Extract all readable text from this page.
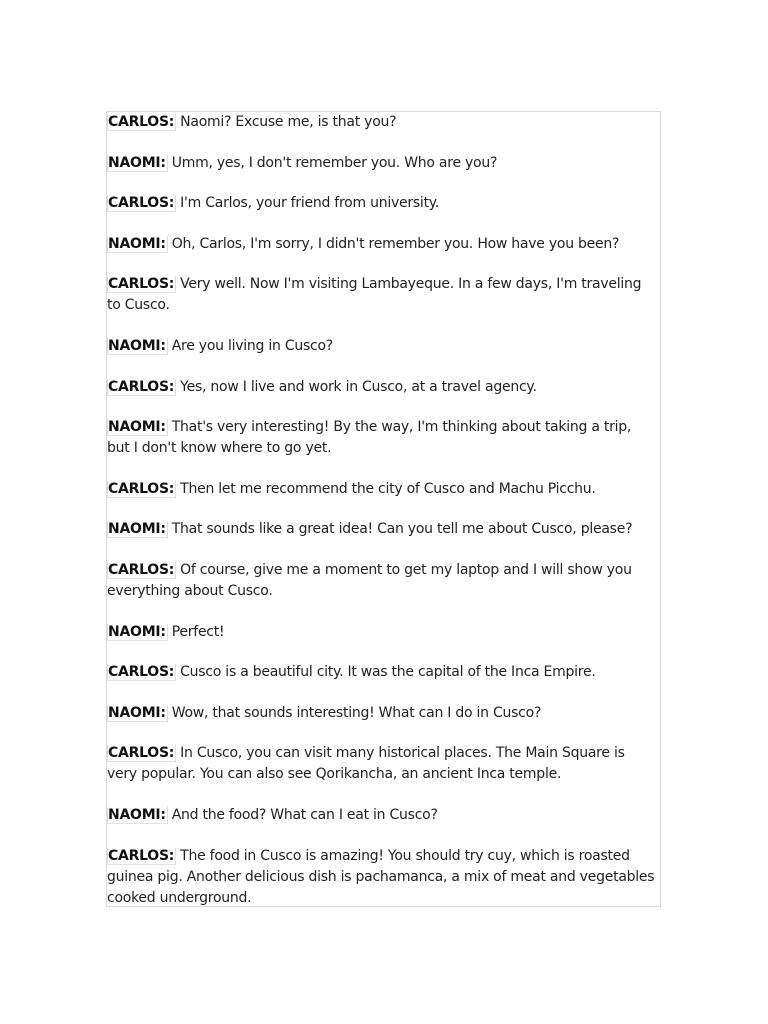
CARLOS: Naomi? Excuse me, is that you?

NAOMI: Umm, yes, I don't remember you. Who are you?

CARLOS: I'm Carlos, your friend from university.

NAOMI: Oh, Carlos, I'm sorry, I didn't remember you. How have you been?

CARLOS: Very well. Now I'm visiting Lambayeque. In a few days, I'm traveling to Cusco.

NAOMI: Are you living in Cusco?

CARLOS: Yes, now I live and work in Cusco, at a travel agency.

NAOMI: That's very interesting! By the way, I'm thinking about taking a trip, but I don't know where to go yet.

CARLOS: Then let me recommend the city of Cusco and Machu Picchu.

NAOMI: That sounds like a great idea! Can you tell me about Cusco, please?

CARLOS: Of course, give me a moment to get my laptop and I will show you everything about Cusco.

NAOMI: Perfect!

CARLOS: Cusco is a beautiful city. It was the capital of the Inca Empire.

NAOMI: Wow, that sounds interesting! What can I do in Cusco?

CARLOS: In Cusco, you can visit many historical places. The Main Square is very popular. You can also see Qorikancha, an ancient Inca temple.

NAOMI: And the food? What can I eat in Cusco?

CARLOS: The food in Cusco is amazing! You should try cuy, which is roasted guinea pig. Another delicious dish is pachamanca, a mix of meat and vegetables cooked underground.
